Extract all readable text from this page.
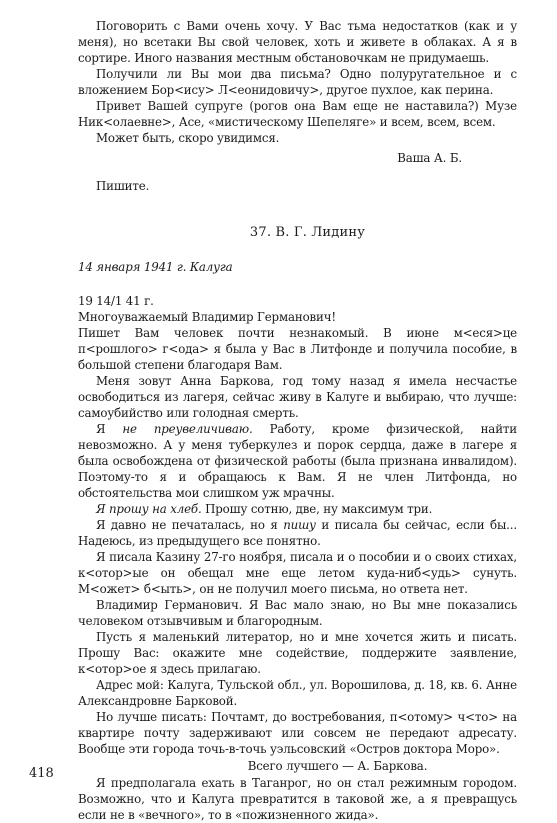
Поговорить с Вами очень хочу. У Вас тьма недостатков (как и у меня), но всетаки Вы свой человек, хоть и живете в облаках. А я в сортире. Иного названия местным обстановочкам не придумаешь.

Получили ли Вы мои два письма? Одно полуругательное и с вложением Бор<ису> Л<еонидовичу>, другое пухлое, как перина.

Привет Вашей супруге (рогов она Вам еще не наставила?) Музе Ник<олаевне>, Асе, «мистическому Шепеляге» и всем, всем, всем.

Может быть, скоро увидимся.

Ваша А. Б.

Пишите.

37. В. Г. Лидину

14 января 1941 г. Калуга

19 14/1 41 г.

Многоуважаемый Владимир Германович!

Пишет Вам человек почти незнакомый. В июне м<еся>це п<рошлого> г<ода> я была у Вас в Литфонде и получила пособие, в большой степени благодаря Вам.

Меня зовут Анна Баркова, год тому назад я имела несчастье освободиться из лагеря, сейчас живу в Калуге и выбираю, что лучше: самоубийство или голодная смерть.

Я не преувеличиваю. Работу, кроме физической, найти невозможно. А у меня туберкулез и порок сердца, даже в лагере я была освобождена от физической работы (была признана инвалидом). Поэтому-то я и обращаюсь к Вам. Я не член Литфонда, но обстоятельства мои слишком уж мрачны.

Я прошу на хлеб. Прошу сотню, две, ну максимум три.

Я давно не печаталась, но я пишу и писала бы сейчас, если бы... Надеюсь, из предыдущего все понятно.

Я писала Казину 27-го ноября, писала и о пособии и о своих стихах, к<отор>ые он обещал мне еще летом куда-ниб<удь> сунуть. М<ожет> б<ыть>, он не получил моего письма, но ответа нет.

Владимир Германович. Я Вас мало знаю, но Вы мне показались человеком отзывчивым и благородным.

Пусть я маленький литератор, но и мне хочется жить и писать. Прошу Вас: окажите мне содействие, поддержите заявление, к<отор>ое я здесь прилагаю.

Адрес мой: Калуга, Тульской обл., ул. Ворошилова, д. 18, кв. 6. Анне Александровне Барковой.

Но лучше писать: Почтамт, до востребования, п<отому> ч<то> на квартире почту задерживают или совсем не передают адресату. Вообще эти города точь-в-точь уэльсовский «Остров доктора Моро».

Всего лучшего — А. Баркова.

Я предполагала ехать в Таганрог, но он стал режимным городом. Возможно, что и Калуга превратится в таковой же, а я превращусь если не в «вечного», то в «пожизненного жида».

418
